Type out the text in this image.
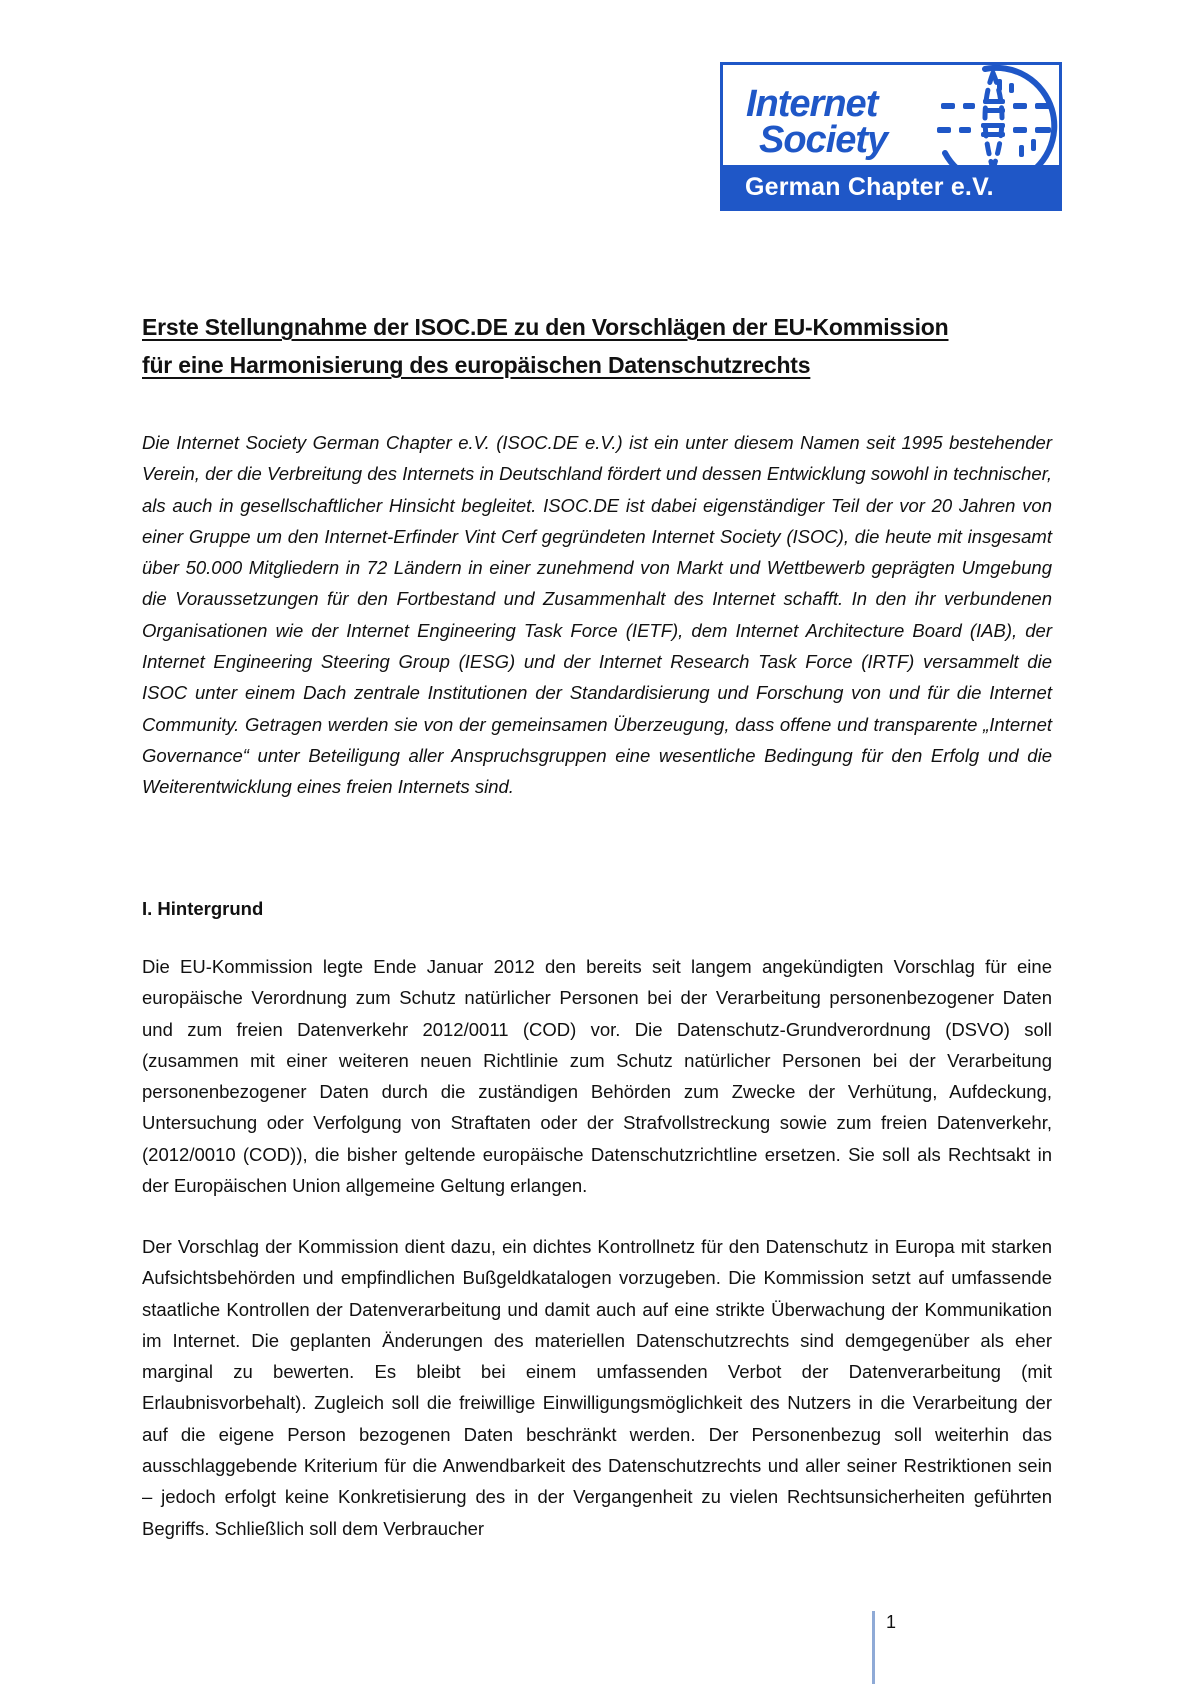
Internet
Society
German Chapter e.V.
Erste Stellungnahme der ISOC.DE zu den Vorschlägen der EU-Kommission
für eine Harmonisierung des europäischen Datenschutzrechts

Die Internet Society German Chapter e.V. (ISOC.DE e.V.) ist ein unter diesem Namen seit 1995 bestehender Verein, der die Verbreitung des Internets in Deutschland fördert und dessen Entwicklung sowohl in technischer, als auch in gesellschaftlicher Hinsicht begleitet. ISOC.DE ist dabei eigenständiger Teil der vor 20 Jahren von einer Gruppe um den Internet-Erfinder Vint Cerf gegründeten Internet Society (ISOC), die heute mit insgesamt über 50.000 Mitgliedern in 72 Ländern in einer zunehmend von Markt und Wettbewerb geprägten Umgebung die Voraussetzungen für den Fortbestand und Zusammenhalt des Internet schafft. In den ihr verbundenen Organisationen wie der Internet Engineering Task Force (IETF), dem Internet Architecture Board (IAB), der Internet Engineering Steering Group (IESG) und der Internet Research Task Force (IRTF) versammelt die ISOC unter einem Dach zentrale Institutionen der Standardisierung und Forschung von und für die Internet Community. Getragen werden sie von der gemeinsamen Überzeugung, dass offene und transparente „Internet Governance“ unter Beteiligung aller Anspruchsgruppen eine wesentliche Bedingung für den Erfolg und die Weiterentwicklung eines freien Internets sind.

I. Hintergrund

Die EU-Kommission legte Ende Januar 2012 den bereits seit langem angekündigten Vorschlag für eine europäische Verordnung zum Schutz natürlicher Personen bei der Verarbeitung personenbezogener Daten und zum freien Datenverkehr 2012/0011 (COD) vor. Die Datenschutz-Grundverordnung (DSVO) soll (zusammen mit einer weiteren neuen Richtlinie zum Schutz natürlicher Personen bei der Verarbeitung personenbezogener Daten durch die zuständigen Behörden zum Zwecke der Verhütung, Aufdeckung, Untersuchung oder Verfolgung von Straftaten oder der Strafvollstreckung sowie zum freien Datenverkehr, (2012/0010 (COD)), die bisher geltende europäische Datenschutzrichtline ersetzen. Sie soll als Rechtsakt in der Europäischen Union allgemeine Geltung erlangen.

Der Vorschlag der Kommission dient dazu, ein dichtes Kontrollnetz für den Datenschutz in Europa mit starken Aufsichtsbehörden und empfindlichen Bußgeldkatalogen vorzugeben. Die Kommission setzt auf umfassende staatliche Kontrollen der Datenverarbeitung und damit auch auf eine strikte Überwachung der Kommunikation im Internet. Die geplanten Änderungen des materiellen Datenschutzrechts sind demgegenüber als eher marginal zu bewerten. Es bleibt bei einem umfassenden Verbot der Datenverarbeitung (mit Erlaubnisvorbehalt). Zugleich soll die freiwillige Einwilligungsmöglichkeit des Nutzers in die Verarbeitung der auf die eigene Person bezogenen Daten beschränkt werden. Der Personenbezug soll weiterhin das ausschlaggebende Kriterium für die Anwendbarkeit des Datenschutzrechts und aller seiner Restriktionen sein – jedoch erfolgt keine Konkretisierung des in der Vergangenheit zu vielen Rechtsunsicherheiten geführten Begriffs. Schließlich soll dem Verbraucher

1
